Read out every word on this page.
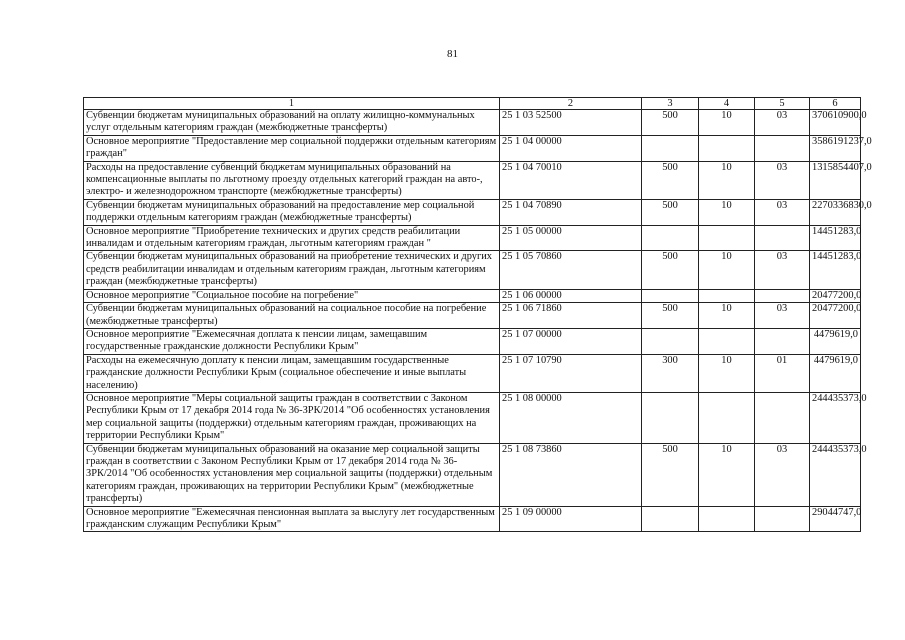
81
1	2	3	4	5	6
Субвенции бюджетам муниципальных образований на оплату жилищно-коммунальных услуг отдельным категориям граждан (межбюджетные трансферты)	25 1 03 52500	500	10	03	370610900,0
Основное мероприятие "Предоставление мер социальной поддержки отдельным категориям граждан"	25 1 04 00000				3586191237,0
Расходы на предоставление субвенций бюджетам муниципальных образований на компенсационные выплаты по льготному проезду отдельных категорий граждан на авто-, электро- и железнодорожном транспорте (межбюджетные трансферты)	25 1 04 70010	500	10	03	1315854407,0
Субвенции бюджетам муниципальных образований на предоставление мер социальной поддержки отдельным категориям граждан (межбюджетные трансферты)	25 1 04 70890	500	10	03	2270336830,0
Основное мероприятие "Приобретение технических и других средств реабилитации инвалидам и отдельным категориям граждан, льготным категориям граждан "	25 1 05 00000				14451283,0
Субвенции бюджетам муниципальных образований на приобретение технических и других средств реабилитации инвалидам и отдельным категориям граждан, льготным категориям граждан (межбюджетные трансферты)	25 1 05 70860	500	10	03	14451283,0
Основное мероприятие "Социальное пособие на погребение"	25 1 06 00000				20477200,0
Субвенции бюджетам муниципальных образований на социальное пособие на погребение (межбюджетные трансферты)	25 1 06 71860	500	10	03	20477200,0
Основное мероприятие "Ежемесячная доплата к пенсии лицам, замещавшим государственные гражданские должности Республики Крым"	25 1 07 00000				4479619,0
Расходы на ежемесячную доплату к пенсии лицам, замещавшим государственные гражданские должности Республики Крым (социальное обеспечение и иные выплаты населению)	25 1 07 10790	300	10	01	4479619,0
Основное мероприятие "Меры социальной защиты граждан в соответствии с Законом Республики Крым от 17 декабря 2014 года № 36-ЗРК/2014 "Об особенностях установления мер социальной защиты (поддержки) отдельным категориям граждан, проживающих на территории Республики Крым"	25 1 08 00000				244435373,0
Субвенции бюджетам муниципальных образований на оказание мер социальной защиты граждан в соответствии с Законом Республики Крым от 17 декабря 2014 года № 36-ЗРК/2014 "Об особенностях установления мер социальной защиты (поддержки) отдельным категориям граждан, проживающих на территории Республики Крым" (межбюджетные трансферты)	25 1 08 73860	500	10	03	244435373,0
Основное мероприятие "Ежемесячная пенсионная выплата за выслугу лет государственным гражданским служащим Республики Крым"	25 1 09 00000				29044747,0
